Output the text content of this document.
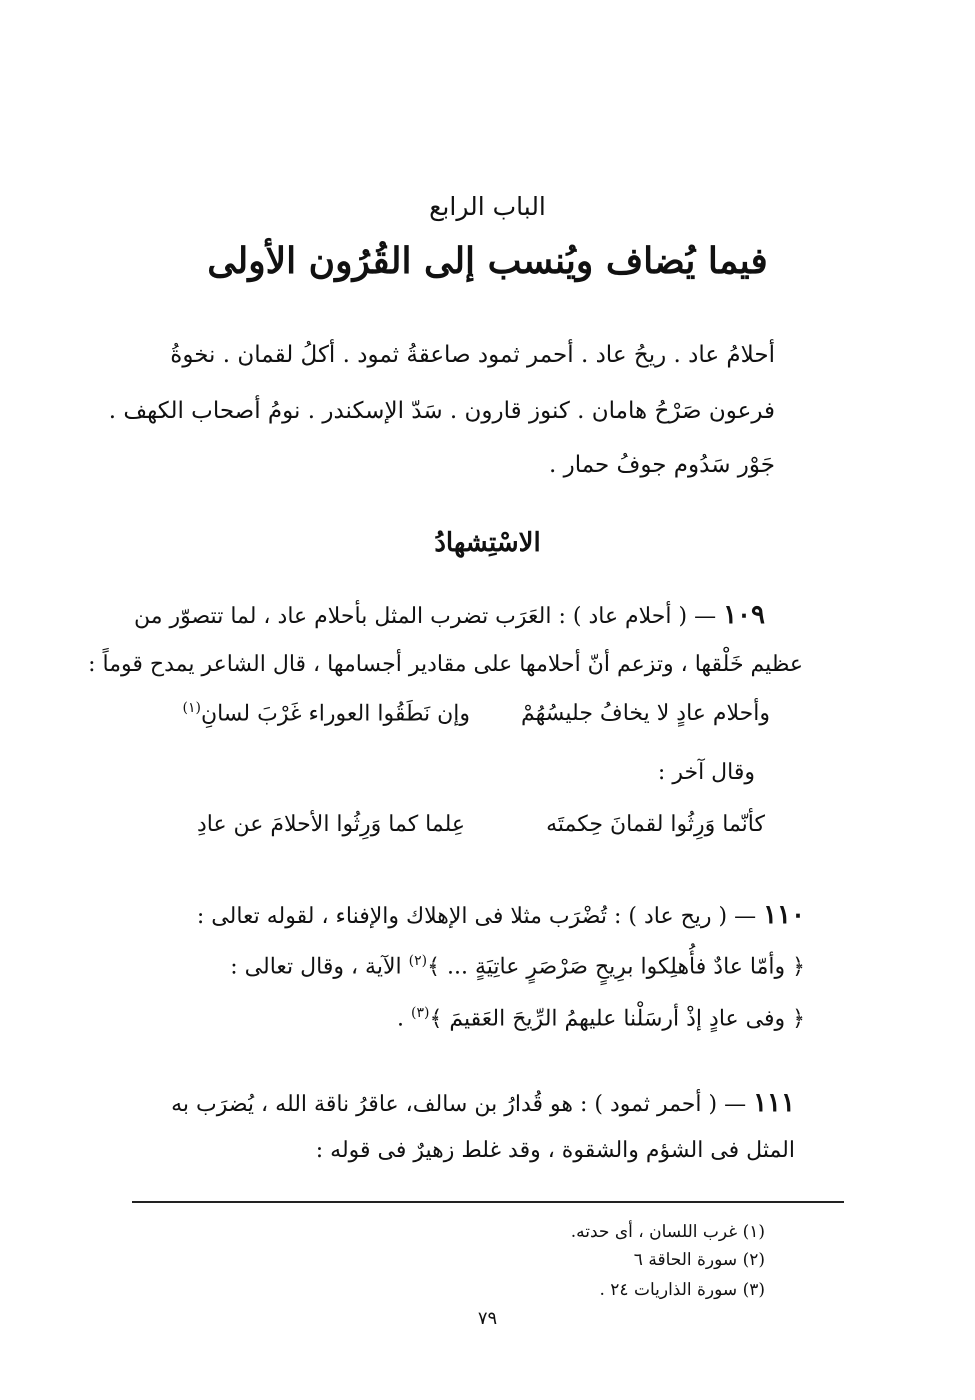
الباب الرابع
فيما يُضاف ويُنسب إلى القُرُون الأولى
أحلامُ عاد . ريحُ عاد . أحمر ثمود صاعقةُ ثمود . أكلُ لقمان . نخوةُ
فرعون صَرْحُ هامان . كنوز قارون . سَدّ الإسكندر . نومُ أصحاب الكهف .
جَوْر سَدُوم جوفُ حمار .
الاسْتِشهادُ
١٠٩ — ( أحلام عاد ) : العَرَب تضرب المثل بأحلام عاد ، لما تتصوّر من
عظيم خَلْقها ، وتزعم أنّ أحلامها على مقادير أجسامها ، قال الشاعر يمدح قوماً :
وأحلام عادٍ لا يخافُ جليسُهُمْوإن نَطَقُوا العوراء غَرْبَ لسانِ$^{(١)}$
وقال آخر :
كأنّما وَرِثُوا لقمانَ حِكمتَهعِلما كما وَرِثُوا الأحلامَ عن عادِ
١١٠ — ( ريح عاد ) : تُضْرَب مثلا فى الإهلاك والإفناء ، لقوله تعالى :
﴿ وأمّا عادٌ فأُهلِكوا برِيحٍ صَرْصَرٍ عاتِيَةٍ ... ﴾$^{(٢)}$ الآية ، وقال تعالى :
﴿ وفى عادٍ إذْ أرسَلْنا عليهمُ الرِّيحَ العَقيمَ ﴾$^{(٣)}$ .
١١١ — ( أحمر ثمود ) : هو قُدارُ بن سالف، عاقرُ ناقة الله ، يُضرَب به
المثل فى الشؤم والشقوة ، وقد غلط زهيرٌ فى قوله :
(١) غرب اللسان ، أى حدته.
(٢) سورة الحاقة ٦
(٣) سورة الذاريات ٢٤ .
٧٩
